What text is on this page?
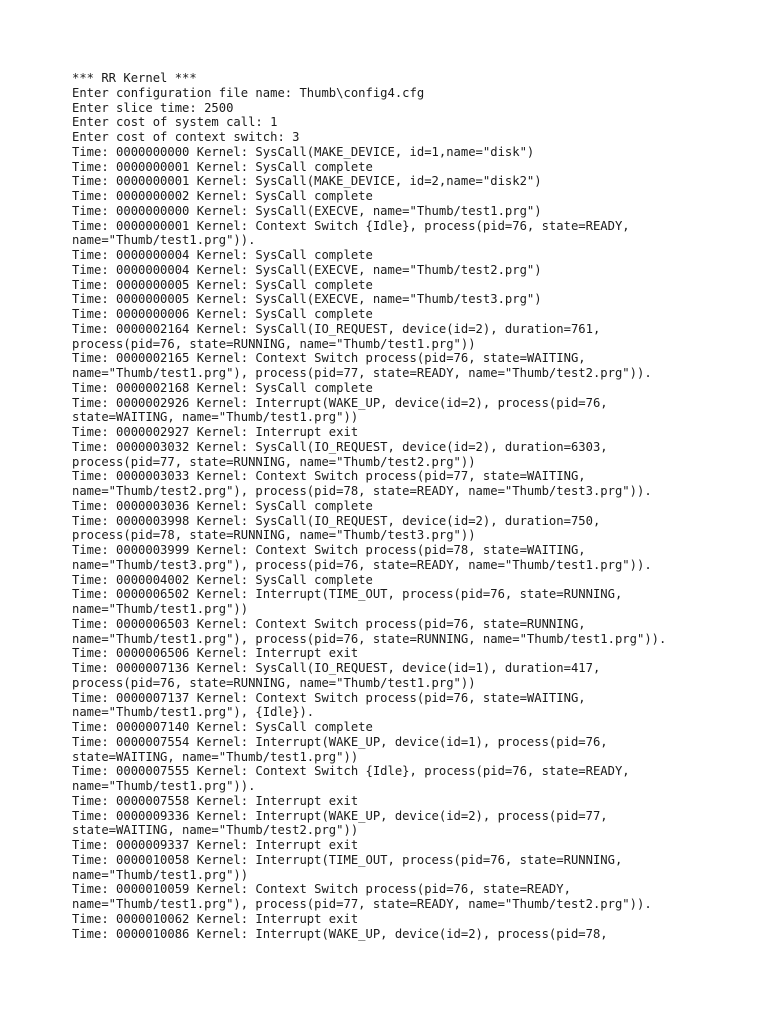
*** RR Kernel ***
Enter configuration file name: Thumb\config4.cfg
Enter slice time: 2500
Enter cost of system call: 1
Enter cost of context switch: 3
Time: 0000000000 Kernel: SysCall(MAKE_DEVICE, id=1,name="disk")
Time: 0000000001 Kernel: SysCall complete
Time: 0000000001 Kernel: SysCall(MAKE_DEVICE, id=2,name="disk2")
Time: 0000000002 Kernel: SysCall complete
Time: 0000000000 Kernel: SysCall(EXECVE, name="Thumb/test1.prg")
Time: 0000000001 Kernel: Context Switch {Idle}, process(pid=76, state=READY,
name="Thumb/test1.prg")).
Time: 0000000004 Kernel: SysCall complete
Time: 0000000004 Kernel: SysCall(EXECVE, name="Thumb/test2.prg")
Time: 0000000005 Kernel: SysCall complete
Time: 0000000005 Kernel: SysCall(EXECVE, name="Thumb/test3.prg")
Time: 0000000006 Kernel: SysCall complete
Time: 0000002164 Kernel: SysCall(IO_REQUEST, device(id=2), duration=761,
process(pid=76, state=RUNNING, name="Thumb/test1.prg"))
Time: 0000002165 Kernel: Context Switch process(pid=76, state=WAITING,
name="Thumb/test1.prg"), process(pid=77, state=READY, name="Thumb/test2.prg")).
Time: 0000002168 Kernel: SysCall complete
Time: 0000002926 Kernel: Interrupt(WAKE_UP, device(id=2), process(pid=76,
state=WAITING, name="Thumb/test1.prg"))
Time: 0000002927 Kernel: Interrupt exit
Time: 0000003032 Kernel: SysCall(IO_REQUEST, device(id=2), duration=6303,
process(pid=77, state=RUNNING, name="Thumb/test2.prg"))
Time: 0000003033 Kernel: Context Switch process(pid=77, state=WAITING,
name="Thumb/test2.prg"), process(pid=78, state=READY, name="Thumb/test3.prg")).
Time: 0000003036 Kernel: SysCall complete
Time: 0000003998 Kernel: SysCall(IO_REQUEST, device(id=2), duration=750,
process(pid=78, state=RUNNING, name="Thumb/test3.prg"))
Time: 0000003999 Kernel: Context Switch process(pid=78, state=WAITING,
name="Thumb/test3.prg"), process(pid=76, state=READY, name="Thumb/test1.prg")).
Time: 0000004002 Kernel: SysCall complete
Time: 0000006502 Kernel: Interrupt(TIME_OUT, process(pid=76, state=RUNNING,
name="Thumb/test1.prg"))
Time: 0000006503 Kernel: Context Switch process(pid=76, state=RUNNING,
name="Thumb/test1.prg"), process(pid=76, state=RUNNING, name="Thumb/test1.prg")).
Time: 0000006506 Kernel: Interrupt exit
Time: 0000007136 Kernel: SysCall(IO_REQUEST, device(id=1), duration=417,
process(pid=76, state=RUNNING, name="Thumb/test1.prg"))
Time: 0000007137 Kernel: Context Switch process(pid=76, state=WAITING,
name="Thumb/test1.prg"), {Idle}).
Time: 0000007140 Kernel: SysCall complete
Time: 0000007554 Kernel: Interrupt(WAKE_UP, device(id=1), process(pid=76,
state=WAITING, name="Thumb/test1.prg"))
Time: 0000007555 Kernel: Context Switch {Idle}, process(pid=76, state=READY,
name="Thumb/test1.prg")).
Time: 0000007558 Kernel: Interrupt exit
Time: 0000009336 Kernel: Interrupt(WAKE_UP, device(id=2), process(pid=77,
state=WAITING, name="Thumb/test2.prg"))
Time: 0000009337 Kernel: Interrupt exit
Time: 0000010058 Kernel: Interrupt(TIME_OUT, process(pid=76, state=RUNNING,
name="Thumb/test1.prg"))
Time: 0000010059 Kernel: Context Switch process(pid=76, state=READY,
name="Thumb/test1.prg"), process(pid=77, state=READY, name="Thumb/test2.prg")).
Time: 0000010062 Kernel: Interrupt exit
Time: 0000010086 Kernel: Interrupt(WAKE_UP, device(id=2), process(pid=78,
